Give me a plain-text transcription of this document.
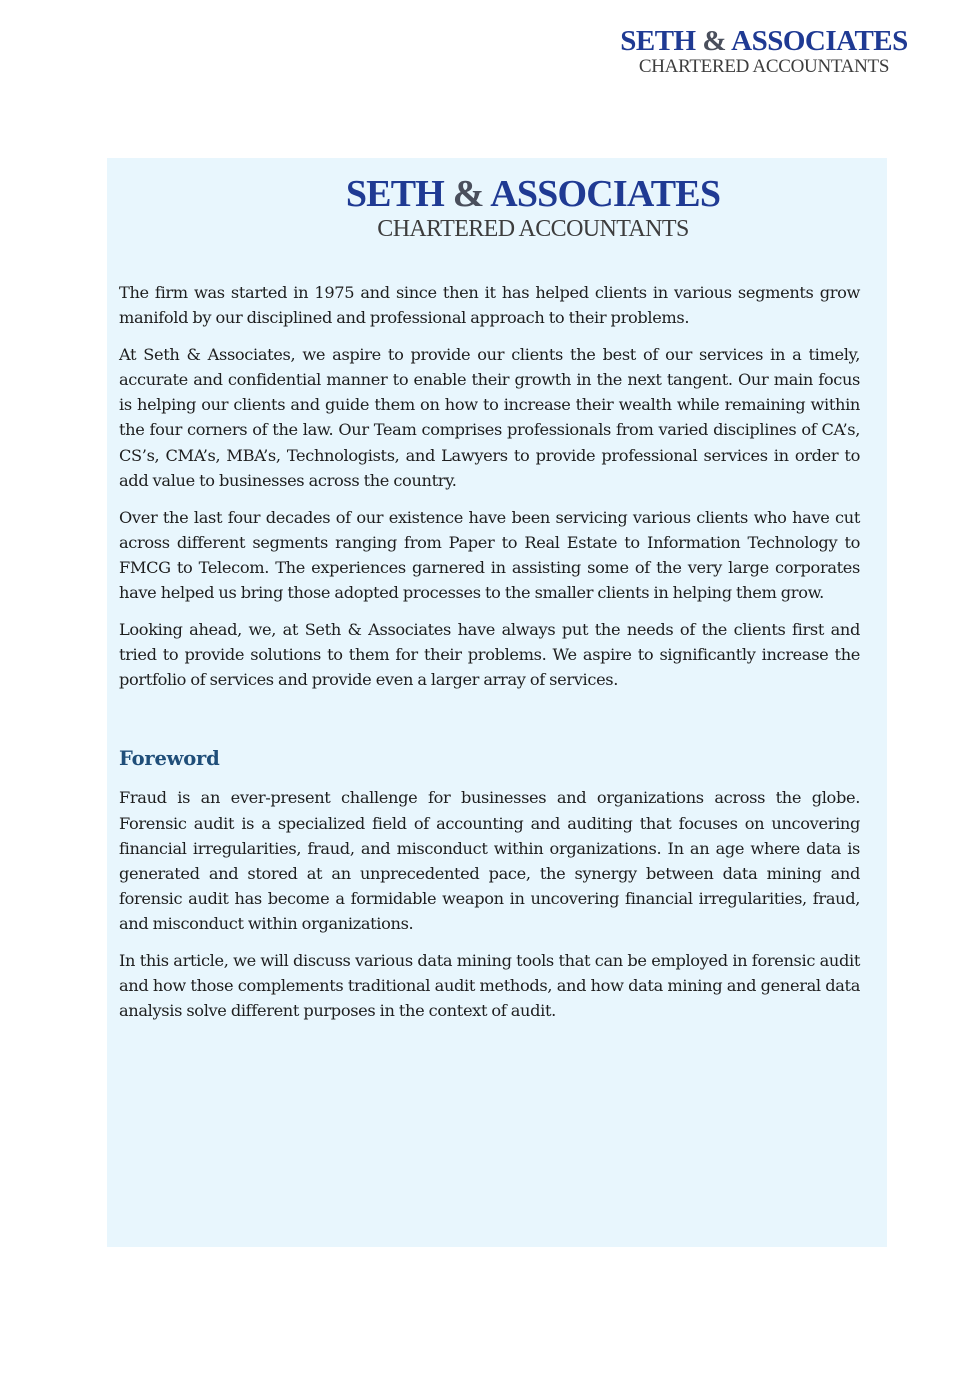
SETH & ASSOCIATES
CHARTERED ACCOUNTANTS
SETH & ASSOCIATES
CHARTERED ACCOUNTANTS

The firm was started in 1975 and since then it has helped clients in various segments grow manifold by our disciplined and professional approach to their problems.

At Seth & Associates, we aspire to provide our clients the best of our services in a timely, accurate and confidential manner to enable their growth in the next tangent. Our main focus is helping our clients and guide them on how to increase their wealth while remaining within the four corners of the law. Our Team comprises professionals from varied disciplines of CA’s, CS’s, CMA’s, MBA’s, Technologists, and Lawyers to provide professional services in order to add value to businesses across the country.

Over the last four decades of our existence have been servicing various clients who have cut across different segments ranging from Paper to Real Estate to Information Technology to FMCG to Telecom. The experiences garnered in assisting some of the very large corporates have helped us bring those adopted processes to the smaller clients in helping them grow.

Looking ahead, we, at Seth & Associates have always put the needs of the clients first and tried to provide solutions to them for their problems. We aspire to significantly increase the portfolio of services and provide even a larger array of services.

Foreword

Fraud is an ever-present challenge for businesses and organizations across the globe. Forensic audit is a specialized field of accounting and auditing that focuses on uncovering financial irregularities, fraud, and misconduct within organizations. In an age where data is generated and stored at an unprecedented pace, the synergy between data mining and forensic audit has become a formidable weapon in uncovering financial irregularities, fraud, and misconduct within organizations.

In this article, we will discuss various data mining tools that can be employed in forensic audit and how those complements traditional audit methods, and how data mining and general data analysis solve different purposes in the context of audit.
